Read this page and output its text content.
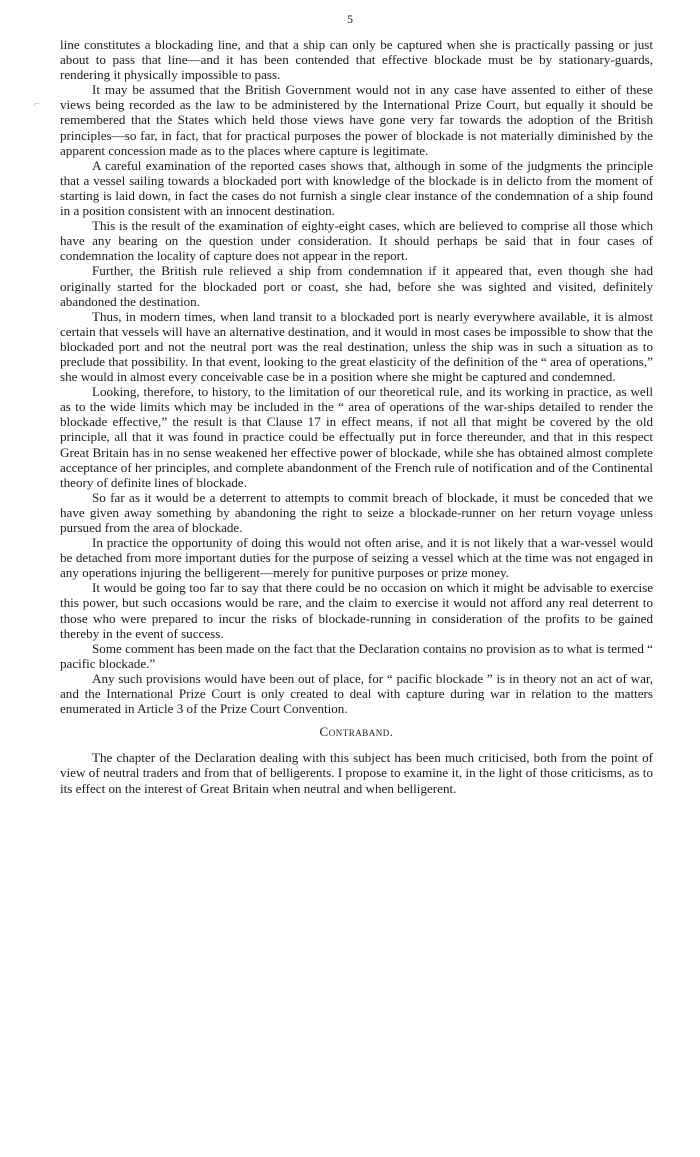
5
⌐

line constitutes a blockading line, and that a ship can only be captured when she is practically passing or just about to pass that line—and it has been contended that effective blockade must be by stationary-guards, rendering it physically impossible to pass.

It may be assumed that the British Government would not in any case have assented to either of these views being recorded as the law to be administered by the International Prize Court, but equally it should be remembered that the States which held those views have gone very far towards the adoption of the British principles—so far, in fact, that for practical purposes the power of blockade is not materially diminished by the apparent concession made as to the places where capture is legitimate.

A careful examination of the reported cases shows that, although in some of the judgments the principle that a vessel sailing towards a blockaded port with knowledge of the blockade is in delicto from the moment of starting is laid down, in fact the cases do not furnish a single clear instance of the condemnation of a ship found in a position consistent with an innocent destination.

This is the result of the examination of eighty-eight cases, which are believed to comprise all those which have any bearing on the question under consideration. It should perhaps be said that in four cases of condemnation the locality of capture does not appear in the report.

Further, the British rule relieved a ship from condemnation if it appeared that, even though she had originally started for the blockaded port or coast, she had, before she was sighted and visited, definitely abandoned the destination.

Thus, in modern times, when land transit to a blockaded port is nearly everywhere available, it is almost certain that vessels will have an alternative destination, and it would in most cases be impossible to show that the blockaded port and not the neutral port was the real destination, unless the ship was in such a situation as to preclude that possibility. In that event, looking to the great elasticity of the definition of the “ area of operations,” she would in almost every conceivable case be in a position where she might be captured and condemned.

Looking, therefore, to history, to the limitation of our theoretical rule, and its working in practice, as well as to the wide limits which may be included in the “ area of operations of the war-ships detailed to render the blockade effective,” the result is that Clause 17 in effect means, if not all that might be covered by the old principle, all that it was found in practice could be effectually put in force thereunder, and that in this respect Great Britain has in no sense weakened her effective power of blockade, while she has obtained almost complete acceptance of her principles, and complete abandonment of the French rule of notification and of the Continental theory of definite lines of blockade.

So far as it would be a deterrent to attempts to commit breach of blockade, it must be conceded that we have given away something by abandoning the right to seize a blockade-runner on her return voyage unless pursued from the area of blockade.

In practice the opportunity of doing this would not often arise, and it is not likely that a war-vessel would be detached from more important duties for the purpose of seizing a vessel which at the time was not engaged in any operations injuring the belligerent—merely for punitive purposes or prize money.

It would be going too far to say that there could be no occasion on which it might be advisable to exercise this power, but such occasions would be rare, and the claim to exercise it would not afford any real deterrent to those who were prepared to incur the risks of blockade-running in consideration of the profits to be gained thereby in the event of success.

Some comment has been made on the fact that the Declaration contains no provision as to what is termed “ pacific blockade.”

Any such provisions would have been out of place, for “ pacific blockade ” is in theory not an act of war, and the International Prize Court is only created to deal with capture during war in relation to the matters enumerated in Article 3 of the Prize Court Convention.

Contraband.

The chapter of the Declaration dealing with this subject has been much criticised, both from the point of view of neutral traders and from that of belligerents. I propose to examine it, in the light of those criticisms, as to its effect on the interest of Great Britain when neutral and when belligerent.
